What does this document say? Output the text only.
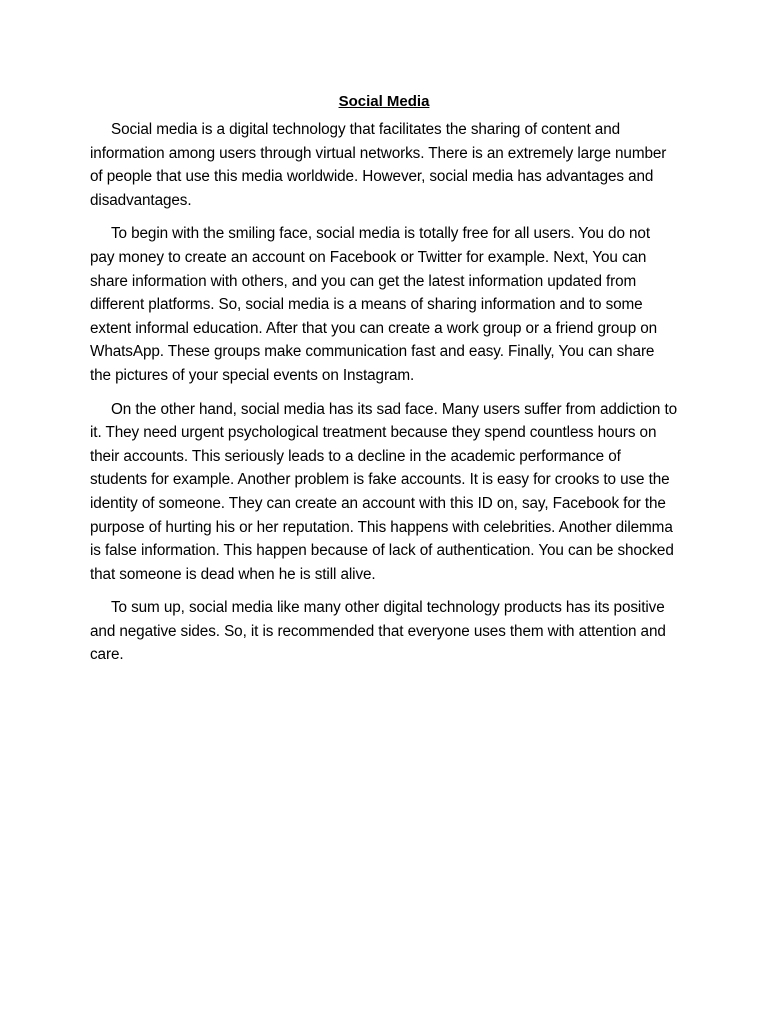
Social Media

Social media is a digital technology that facilitates the sharing of content and information among users through virtual networks. There is an extremely large number of people that use this media worldwide. However, social media has advantages and disadvantages.

To begin with the smiling face, social media is totally free for all users. You do not pay money to create an account on Facebook or Twitter for example. Next, You can share information with others, and you can get the latest information updated from different platforms. So, social media is a means of sharing information and to some extent informal education. After that you can create a work group or a friend group on WhatsApp. These groups make communication fast and easy. Finally, You can share the pictures of your special events on Instagram.

On the other hand, social media has its sad face. Many users suffer from addiction to it. They need urgent psychological treatment because they spend countless hours on their accounts. This seriously leads to a decline in the academic performance of students for example. Another problem is fake accounts. It is easy for crooks to use the identity of someone. They can create an account with this ID on, say, Facebook for the purpose of hurting his or her reputation. This happens with celebrities. Another dilemma is false information. This happen because of lack of authentication. You can be shocked that someone is dead when he is still alive.

To sum up, social media like many other digital technology products has its positive and negative sides. So, it is recommended that everyone uses them with attention and care.
